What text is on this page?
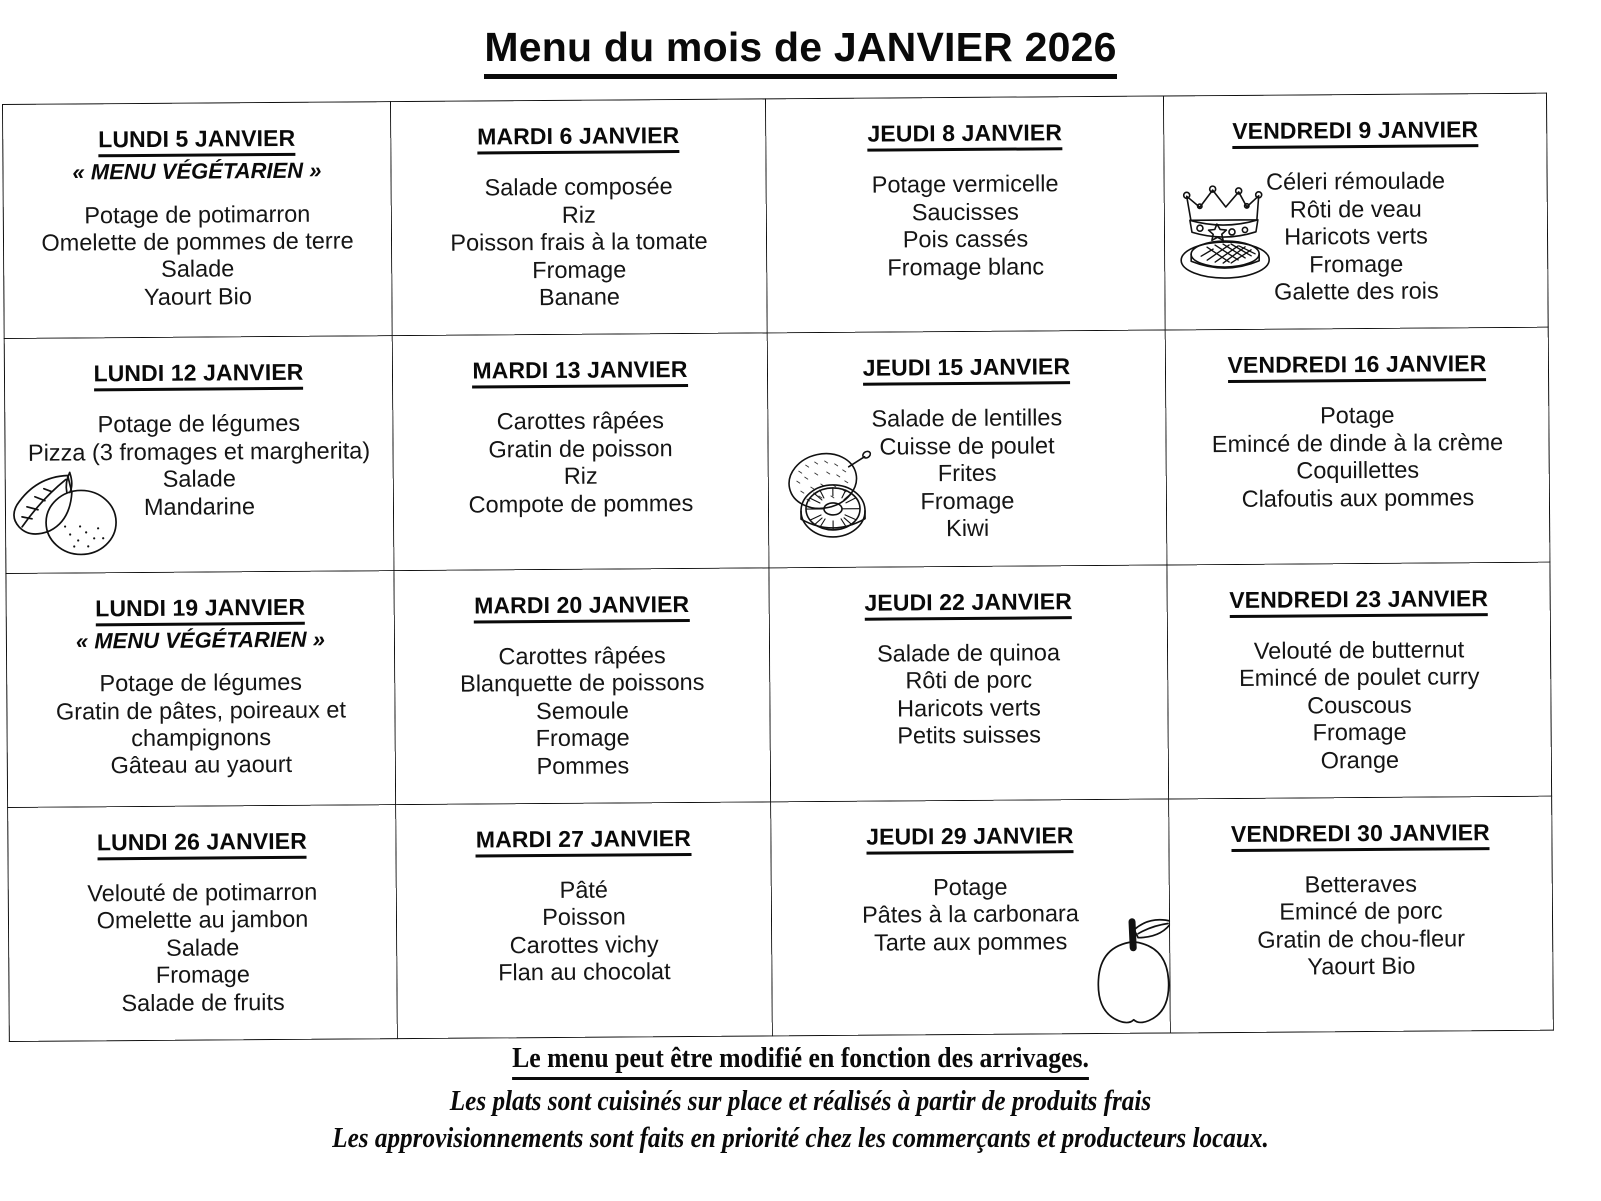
Menu du mois de JANVIER 2026
LUNDI 5 JANVIER
« MENU VÉGÉTARIEN »
Potage de potimarron
Omelette de pommes de terre
Salade
Yaourt Bio

MARDI 6 JANVIER
Salade composée
Riz
Poisson frais à la tomate
Fromage
Banane

JEUDI 8 JANVIER
Potage vermicelle
Saucisses
Pois cassés
Fromage blanc

VENDREDI 9 JANVIER
Céleri rémoulade
Rôti de veau
Haricots verts
Fromage
Galette des rois

LUNDI 12 JANVIER
Potage de légumes
Pizza (3 fromages et margherita)
Salade
Mandarine

MARDI 13 JANVIER
Carottes râpées
Gratin de poisson
Riz
Compote de pommes

JEUDI 15 JANVIER
Salade de lentilles
Cuisse de poulet
Frites
Fromage
Kiwi

VENDREDI 16 JANVIER
Potage
Emincé de dinde à la crème
Coquillettes
Clafoutis aux pommes

LUNDI 19 JANVIER
« MENU VÉGÉTARIEN »
Potage de légumes
Gratin de pâtes, poireaux et champignons
Gâteau au yaourt

MARDI 20 JANVIER
Carottes râpées
Blanquette de poissons
Semoule
Fromage
Pommes

JEUDI 22 JANVIER
Salade de quinoa
Rôti de porc
Haricots verts
Petits suisses

VENDREDI 23 JANVIER
Velouté de butternut
Emincé de poulet curry
Couscous
Fromage
Orange

LUNDI 26 JANVIER
Velouté de potimarron
Omelette au jambon
Salade
Fromage
Salade de fruits

MARDI 27 JANVIER
Pâté
Poisson
Carottes vichy
Flan au chocolat

JEUDI 29 JANVIER
Potage
Pâtes à la carbonara
Tarte aux pommes

VENDREDI 30 JANVIER
Betteraves
Emincé de porc
Gratin de chou-fleur
Yaourt Bio
Le menu peut être modifié en fonction des arrivages.
Les plats sont cuisinés sur place et réalisés à partir de produits frais
Les approvisionnements sont faits en priorité chez les commerçants et producteurs locaux.
